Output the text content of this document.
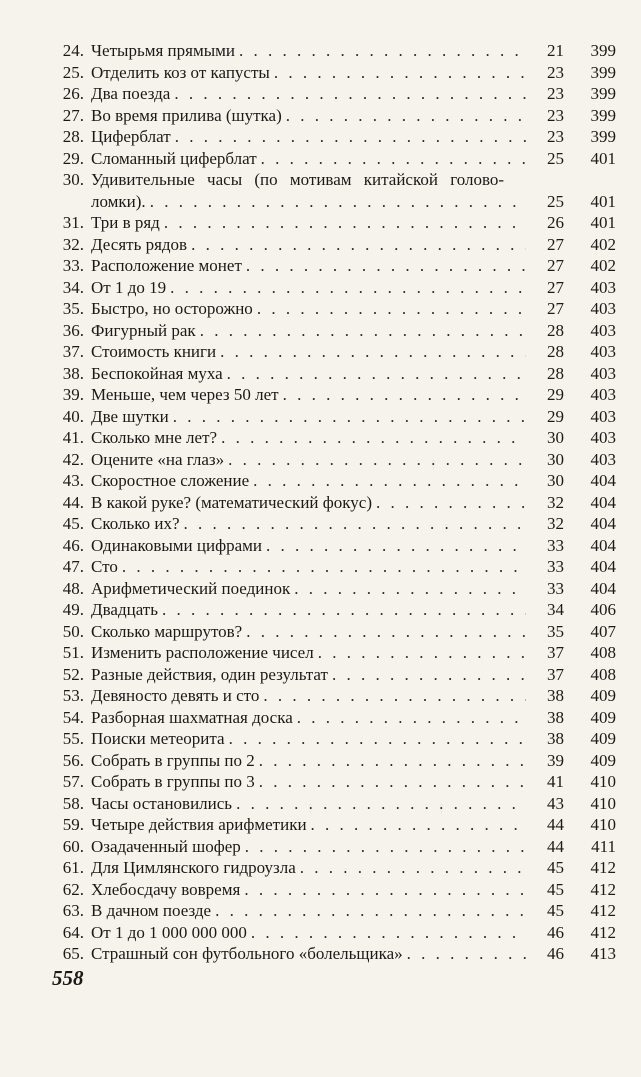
24. Четырьмя прямыми . . .	21	399
25. Отделить коз от капусты . . .	23	399
26. Два поезда . . .	23	399
27. Во время прилива (шутка) . . .	23	399
28. Циферблат . . .	23	399
29. Сломанный циферблат . . .	25	401
30. Удивительные часы (по мотивам китайской голово-
ломки). . . .	25	401
31. Три в ряд . . .	26	401
32. Десять рядов . . .	27	402
33. Расположение монет . . .	27	402
34. От 1 до 19 . . .	27	403
35. Быстро, но осторожно . . .	27	403
36. Фигурный рак . . .	28	403
37. Стоимость книги . . .	28	403
38. Беспокойная муха . . .	28	403
39. Меньше, чем через 50 лет . . .	29	403
40. Две шутки . . .	29	403
41. Сколько мне лет? . . .	30	403
42. Оцените «на глаз» . . .	30	403
43. Скоростное сложение . . .	30	404
44. В какой руке? (математический фокус) . . .	32	404
45. Сколько их? . . .	32	404
46. Одинаковыми цифрами . . .	33	404
47. Сто . . .	33	404
48. Арифметический поединок . . .	33	404
49. Двадцать . . .	34	406
50. Сколько маршрутов? . . .	35	407
51. Изменить расположение чисел . . .	37	408
52. Разные действия, один результат . . .	37	408
53. Девяносто девять и сто . . .	38	409
54. Разборная шахматная доска . . .	38	409
55. Поиски метеорита . . .	38	409
56. Собрать в группы по 2 . . .	39	409
57. Собрать в группы по 3 . . .	41	410
58. Часы остановились . . .	43	410
59. Четыре действия арифметики . . .	44	410
60. Озадаченный шофер . . .	44	411
61. Для Цимлянского гидроузла . . .	45	412
62. Хлебосдачу вовремя . . .	45	412
63. В дачном поезде . . .	45	412
64. От 1 до 1 000 000 000 . . .	46	412
65. Страшный сон футбольного «болельщика» . . .	46	413
558
